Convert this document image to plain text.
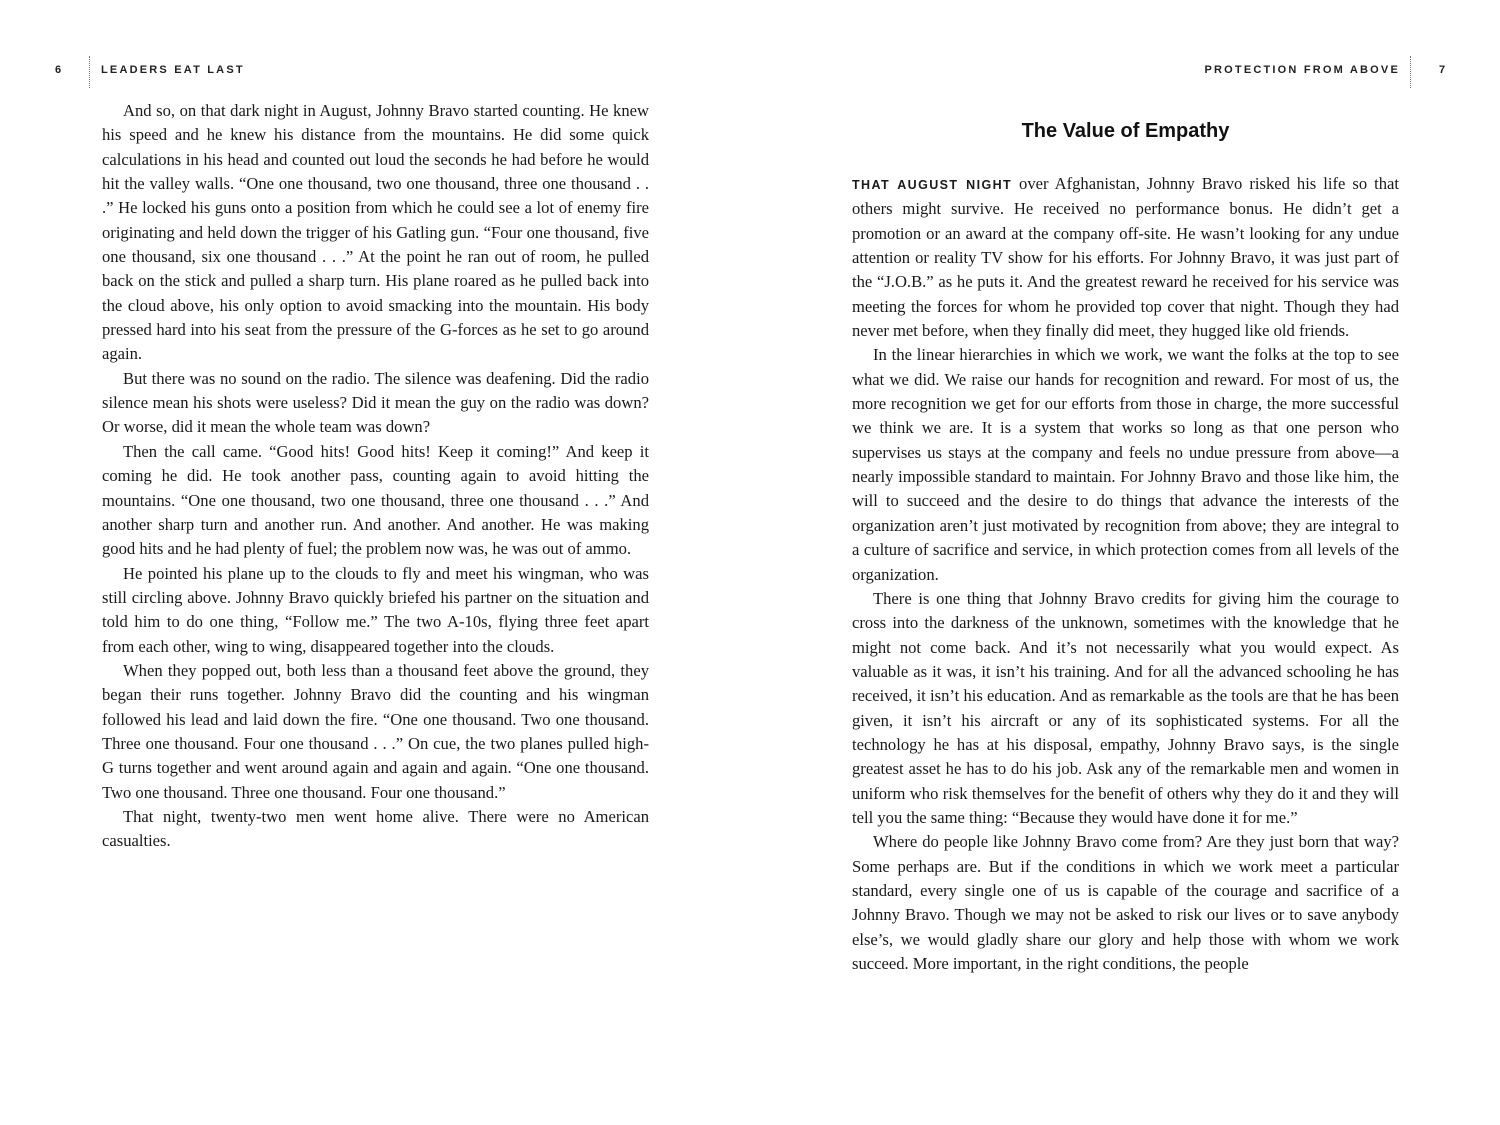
6	LEADERS EAT LAST

And so, on that dark night in August, Johnny Bravo started counting. He knew his speed and he knew his distance from the mountains. He did some quick calculations in his head and counted out loud the seconds he had before he would hit the valley walls. “One one thousand, two one thousand, three one thousand . . .” He locked his guns onto a position from which he could see a lot of enemy fire originating and held down the trigger of his Gatling gun. “Four one thousand, five one thousand, six one thousand . . .” At the point he ran out of room, he pulled back on the stick and pulled a sharp turn. His plane roared as he pulled back into the cloud above, his only option to avoid smacking into the mountain. His body pressed hard into his seat from the pressure of the G-forces as he set to go around again.

But there was no sound on the radio. The silence was deafening. Did the radio silence mean his shots were useless? Did it mean the guy on the radio was down? Or worse, did it mean the whole team was down?

Then the call came. “Good hits! Good hits! Keep it coming!” And keep it coming he did. He took another pass, counting again to avoid hitting the mountains. “One one thousand, two one thousand, three one thousand . . .” And another sharp turn and another run. And another. And another. He was making good hits and he had plenty of fuel; the problem now was, he was out of ammo.

He pointed his plane up to the clouds to fly and meet his wingman, who was still circling above. Johnny Bravo quickly briefed his partner on the situation and told him to do one thing, “Follow me.” The two A-10s, flying three feet apart from each other, wing to wing, disappeared together into the clouds.

When they popped out, both less than a thousand feet above the ground, they began their runs together. Johnny Bravo did the counting and his wingman followed his lead and laid down the fire. “One one thousand. Two one thousand. Three one thousand. Four one thousand . . .” On cue, the two planes pulled high-G turns together and went around again and again and again. “One one thousand. Two one thousand. Three one thousand. Four one thousand.”

That night, twenty-two men went home alive. There were no American casualties.

PROTECTION FROM ABOVE	7
The Value of Empathy

THAT AUGUST NIGHT over Afghanistan, Johnny Bravo risked his life so that others might survive. He received no performance bonus. He didn’t get a promotion or an award at the company off-site. He wasn’t looking for any undue attention or reality TV show for his efforts. For Johnny Bravo, it was just part of the “J.O.B.” as he puts it. And the greatest reward he received for his service was meeting the forces for whom he provided top cover that night. Though they had never met before, when they finally did meet, they hugged like old friends.

In the linear hierarchies in which we work, we want the folks at the top to see what we did. We raise our hands for recognition and reward. For most of us, the more recognition we get for our efforts from those in charge, the more successful we think we are. It is a system that works so long as that one person who supervises us stays at the company and feels no undue pressure from above—a nearly impossible standard to maintain. For Johnny Bravo and those like him, the will to succeed and the desire to do things that advance the interests of the organization aren’t just motivated by recognition from above; they are integral to a culture of sacrifice and service, in which protection comes from all levels of the organization.

There is one thing that Johnny Bravo credits for giving him the courage to cross into the darkness of the unknown, sometimes with the knowledge that he might not come back. And it’s not necessarily what you would expect. As valuable as it was, it isn’t his training. And for all the advanced schooling he has received, it isn’t his education. And as remarkable as the tools are that he has been given, it isn’t his aircraft or any of its sophisticated systems. For all the technology he has at his disposal, empathy, Johnny Bravo says, is the single greatest asset he has to do his job. Ask any of the remarkable men and women in uniform who risk themselves for the benefit of others why they do it and they will tell you the same thing: “Because they would have done it for me.”

Where do people like Johnny Bravo come from? Are they just born that way? Some perhaps are. But if the conditions in which we work meet a particular standard, every single one of us is capable of the courage and sacrifice of a Johnny Bravo. Though we may not be asked to risk our lives or to save anybody else’s, we would gladly share our glory and help those with whom we work succeed. More important, in the right conditions, the people
